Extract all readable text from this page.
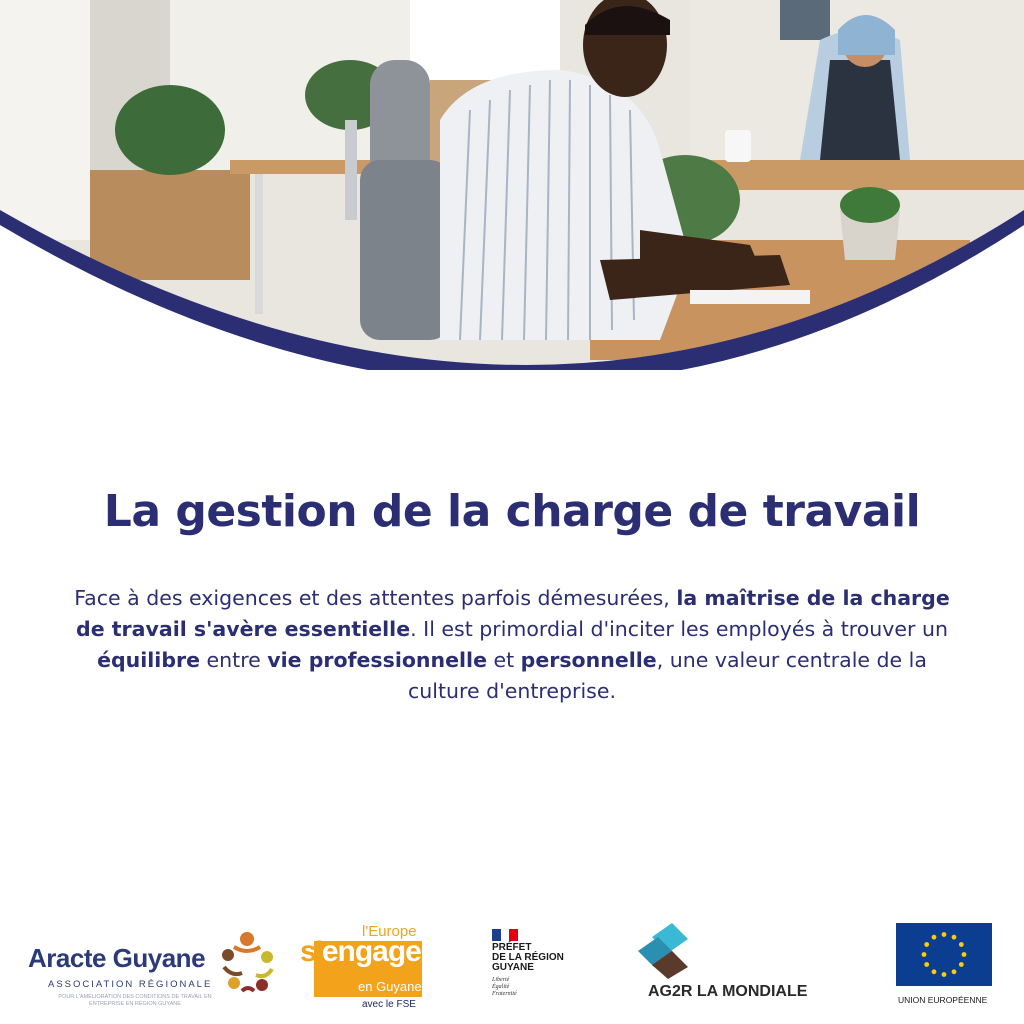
La gestion de la charge de travail
Face à des exigences et des attentes parfois démesurées, la maîtrise de la charge de travail s'avère essentielle. Il est primordial d'inciter les employés à trouver un équilibre entre vie professionnelle et personnelle, une valeur centrale de la culture d'entreprise.
Aracte Guyane
ASSOCIATION RÉGIONALE
POUR L'AMÉLIORATION DES CONDITIONS DE TRAVAIL EN ENTREPRISE EN RÉGION GUYANE
l'Europe
s'engage
en Guyane
avec le FSE
PRÉFET
DE LA RÉGION
GUYANE
Liberté
Égalité
Fraternité	AG2R LA MONDIALE	UNION EUROPÉENNE
